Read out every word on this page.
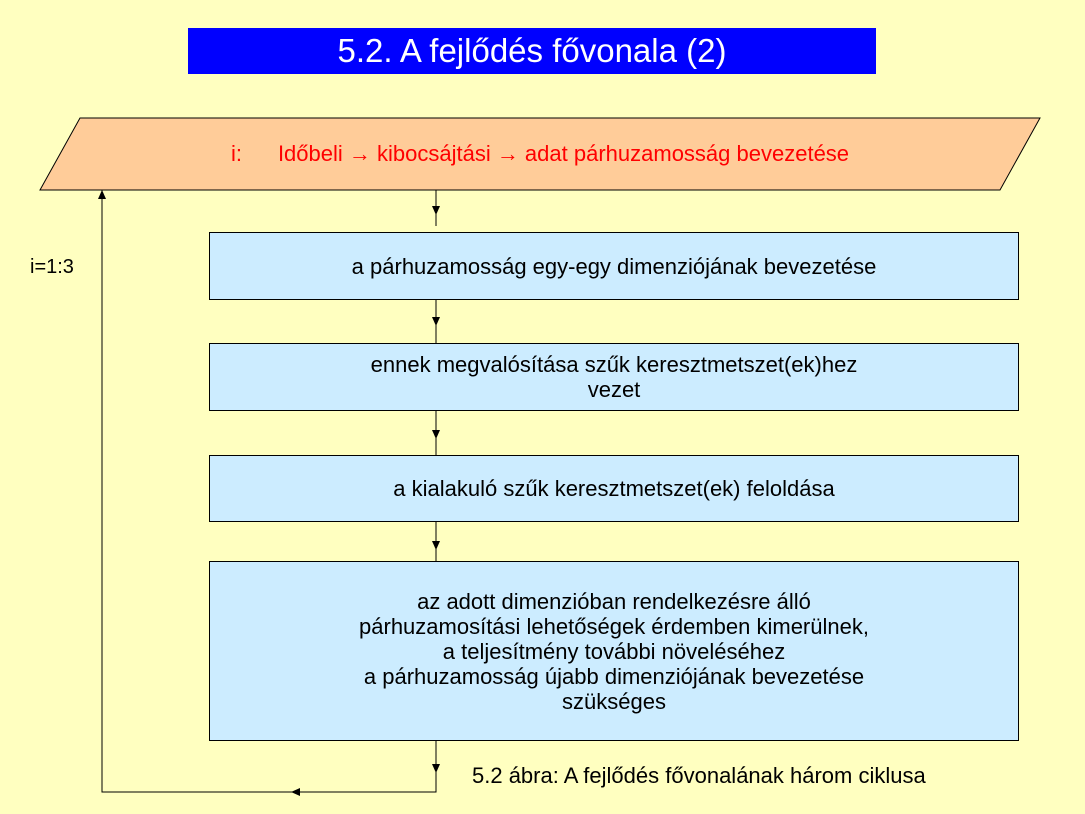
5.2. A fejlődés fővonala (2)
i: Időbeli → kibocsájtási → adat párhuzamosság bevezetése
i=1:3	a párhuzamosság egy-egy dimenziójának bevezetése
ennek megvalósítása szűk keresztmetszet(ek)hez
vezet
a kialakuló szűk keresztmetszet(ek) feloldása
az adott dimenzióban rendelkezésre álló
párhuzamosítási lehetőségek érdemben kimerülnek,
a teljesítmény további növeléséhez
a párhuzamosság újabb dimenziójának bevezetése
szükséges
5.2 ábra: A fejlődés fővonalának három ciklusa
